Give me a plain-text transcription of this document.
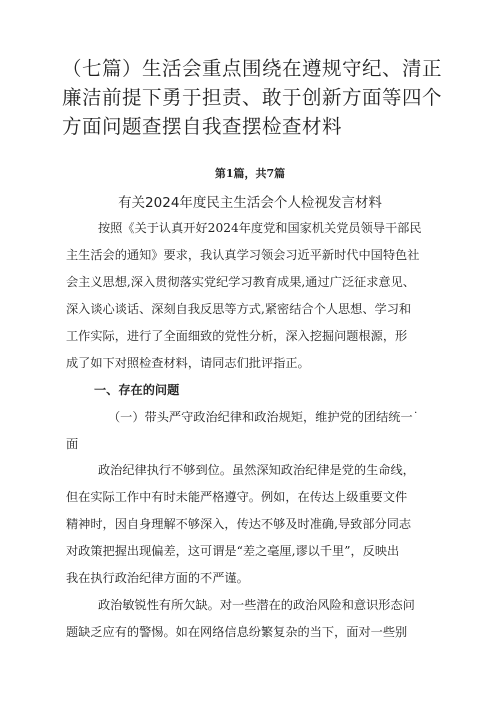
（七篇）生活会重点围绕在遵规守纪、清正廉洁前提下勇于担责、敢于创新方面等四个方面问题查摆自我查摆检查材料
第1篇，共7篇
有关2024年度民主生活会个人检视发言材料
按照《关于认真开好2024年度党和国家机关党员领导干部民
主生活会的通知》要求，我认真学习领会习近平新时代中国特色社
会主义思想,深入贯彻落实党纪学习教育成果,通过广泛征求意见、
深入谈心谈话、深刻自我反思等方式,紧密结合个人思想、学习和
工作实际，进行了全面细致的党性分析，深入挖掘问题根源，形
成了如下对照检查材料，请同志们批评指正。
一、存在的问题
（一）带头严守政治纪律和政治规矩，维护党的团结统一˙
面
政治纪律执行不够到位。虽然深知政治纪律是党的生命线，
但在实际工作中有时未能严格遵守。例如，在传达上级重要文件
精神时，因自身理解不够深入，传达不够及时准确,导致部分同志
对政策把握出现偏差，这可谓是“差之毫厘,谬以千里”，反映出
我在执行政治纪律方面的不严谨。
政治敏锐性有所欠缺。对一些潜在的政治风险和意识形态问
题缺乏应有的警惕。如在网络信息纷繁复杂的当下，面对一些别
